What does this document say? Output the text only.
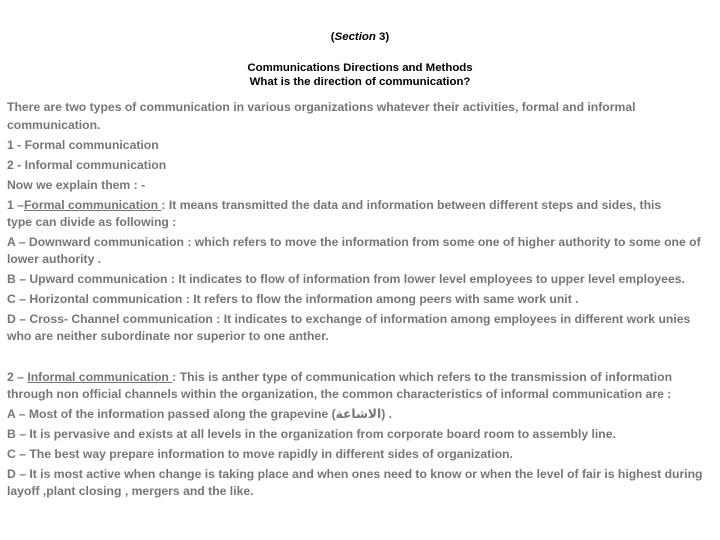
(Section 3)
Communications Directions and Methods
What is the direction of communication?
There are two types of communication in various organizations whatever their activities, formal and informal
communication.
1 - Formal communication
2 - Informal communication
Now we explain them : -
1 –Formal communication : It means transmitted the data and information between different steps and sides, this
type can divide as following :
A – Downward communication : which refers to move the information from some one of higher authority to some one of
lower authority .
B – Upward communication : It indicates to flow of information from lower level employees to upper level employees.
C – Horizontal communication : It refers to flow the information among peers with same work unit .
D – Cross- Channel communication : It indicates to exchange of information among employees in different work unies
who are neither subordinate nor superior to one anther.
2 – Informal communication : This is anther type of communication which refers to the transmission of information
through non official channels within the organization, the common characteristics of informal communication are :
A – Most of the information passed along the grapevine (الاشاعة) .
B – It is pervasive and exists at all levels in the organization from corporate board room to assembly line.
C – The best way prepare information to move rapidly in different sides of organization.
D – It is most active when change is taking place and when ones need to know or when the level of fair is highest during
layoff ,plant closing , mergers and the like.
